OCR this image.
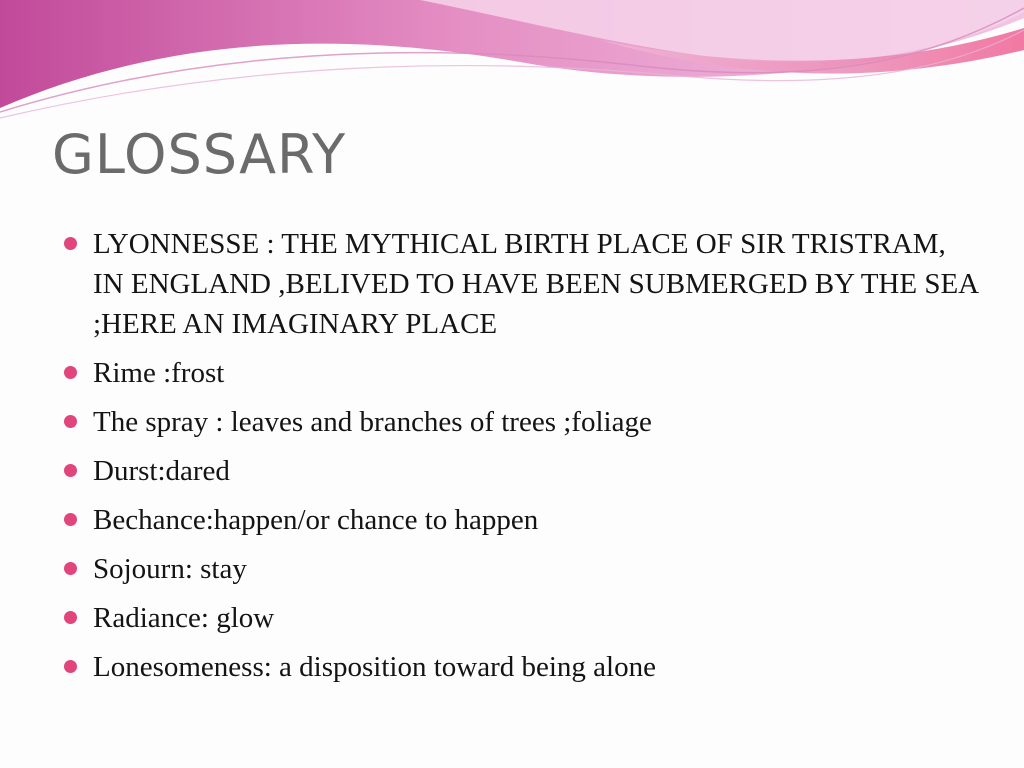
GLOSSARY
LYONNESSE : THE MYTHICAL BIRTH PLACE OF SIR TRISTRAM, IN ENGLAND ,BELIVED TO HAVE BEEN SUBMERGED BY THE SEA ;HERE AN IMAGINARY PLACE
Rime :frost
The spray : leaves and branches of trees ;foliage
Durst:dared
Bechance:happen/or chance to happen
Sojourn: stay
Radiance: glow
Lonesomeness: a disposition toward being alone
